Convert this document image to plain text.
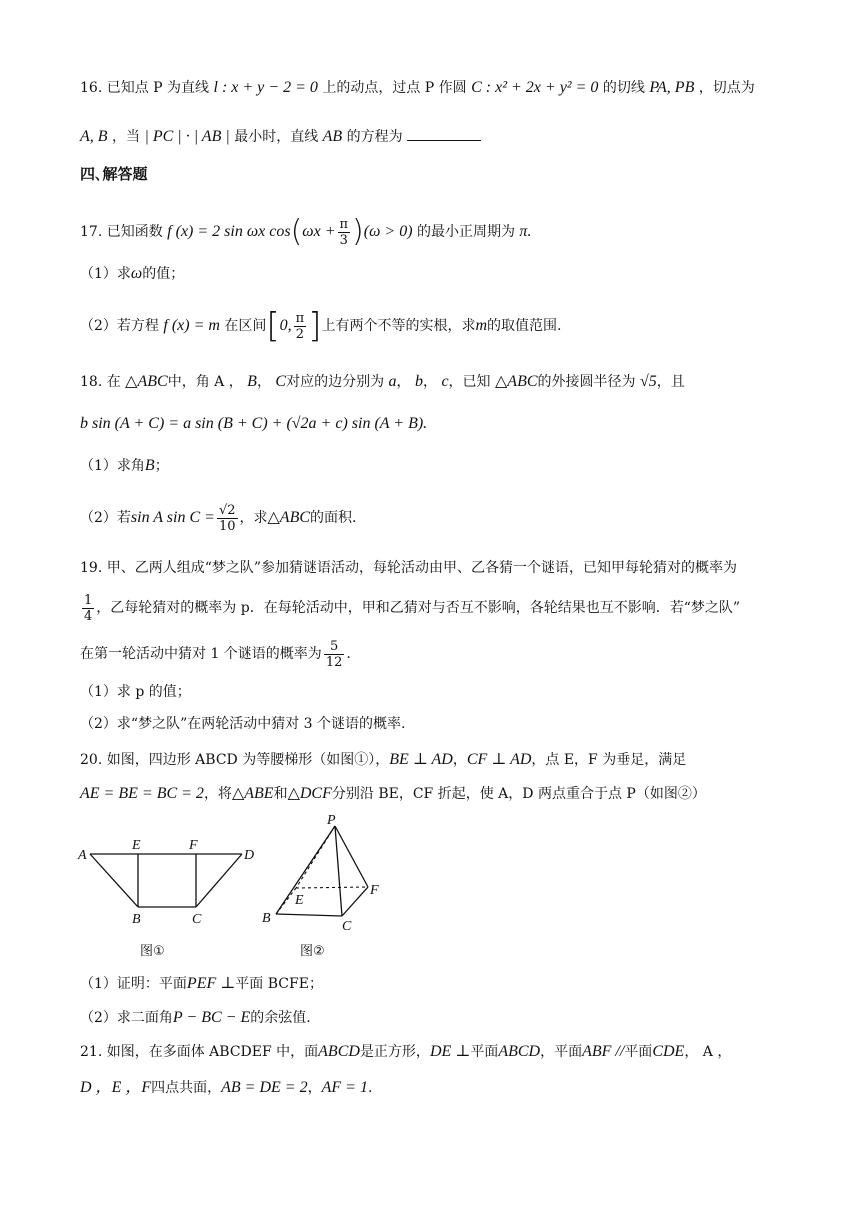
16. 已知点 P 为直线 l : x + y − 2 = 0 上的动点，过点 P 作圆 C : x² + 2x + y² = 0 的切线 PA, PB ，切点为
A, B ，当 | PC | · | AB | 最小时，直线 AB 的方程为
四､解答题
17. 已知函数 f (x) = 2 sin ωx $\cos(\omega x + \frac{\pi}{3} )(\omega > 0)$ 的最小正周期为 π.
（1）求ω的值；
（2）若方程 f (x) = m 在区间[0, $\frac{\pi}{2}$ ]上有两个不等的实根，求m的取值范围.
18. 在 △ABC中，角 A ， B， C对应的边分别为 a， b， c，已知 △ABC的外接圆半径为 √5，且
b sin (A + C) = a sin (B + C) + (√2a + c) sin (A + B).
（1）求角B；
（2）若sin A $\sin C = \frac{√2}{10}$ ，求△ABC的面积.
19. 甲、乙两人组成“梦之队”参加猜谜语活动，每轮活动由甲、乙各猜一个谜语，已知甲每轮猜对的概率为
$\frac{1}{4}$ ，乙每轮猜对的概率为 p．在每轮活动中，甲和乙猜对与否互不影响，各轮结果也互不影响．若“梦之队”
在第一轮活动中猜对 1 个谜语的概率为 $\frac{5}{12}$ .
（1）求 p 的值；
（2）求“梦之队”在两轮活动中猜对 3 个谜语的概率.
20. 如图，四边形 ABCD 为等腰梯形（如图①），BE ⊥ AD，CF ⊥ AD，点 E，F 为垂足，满足
AE = BE = BC = 2，将△ABE和△DCF分别沿 BE，CF 折起，使 A，D 两点重合于点 P（如图②）
A
E	F
D
B	C
图①
P
E
F
B
C
图②
（1）证明：平面PEF ⊥平面 BCFE；
（2）求二面角P − BC − E的余弦值.
21. 如图，在多面体 ABCDEF 中，面ABCD是正方形，DE ⊥平面ABCD，平面ABF //平面CDE， A ，
D ，E ，F四点共面，AB = DE = 2，AF = 1.
